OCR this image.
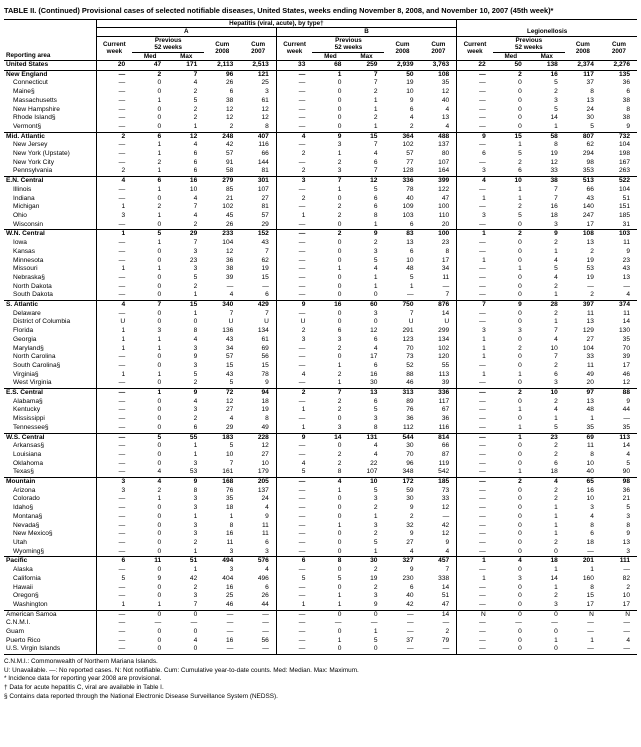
TABLE II. (Continued) Provisional cases of selected notifiable diseases, United States, weeks ending November 8, 2008, and November 10, 2007 (45th week)*
Reporting area	Hepatitis (viral, acute), by type†														
	A					B					Legionellosis				
	Current
week	Previous
52 weeks		Cum
2008	Cum
2007	Current
week	Previous
52 weeks		Cum
2008	Cum
2007	Current
week	Previous
52 weeks		Cum
2008	Cum
2007
		Med	Max				Med	Max				Med	Max		
United States	20	47	171	2,113	2,513	33	68	259	2,939	3,763	22	50	138	2,374	2,276
New England	—	2	7	96	121	—	1	7	50	108	—	2	16	117	135
Connecticut	—	0	4	26	25	—	0	7	19	35	—	0	5	37	36
Maine§	—	0	2	6	3	—	0	2	10	12	—	0	2	8	6
Massachusetts	—	1	5	38	61	—	0	1	9	40	—	0	3	13	38
New Hampshire	—	0	2	12	12	—	0	1	6	4	—	0	5	24	8
Rhode Island§	—	0	2	12	12	—	0	2	4	13	—	0	14	30	38
Vermont§	—	0	1	2	8	—	0	1	2	4	—	0	1	5	9
Mid. Atlantic	2	6	12	248	407	4	9	15	364	488	9	15	58	807	732
New Jersey	—	1	4	42	116	—	3	7	102	137	—	1	8	62	104
New York (Upstate)	—	1	6	57	66	2	1	4	57	80	6	5	19	294	198
New York City	—	2	6	91	144	—	2	6	77	107	—	2	12	98	167
Pennsylvania	2	1	6	58	81	2	3	7	128	164	3	6	33	353	263
E.N. Central	4	6	16	279	301	3	7	12	336	399	4	10	38	513	522
Illinois	—	1	10	85	107	—	1	5	78	122	—	1	7	66	104
Indiana	—	0	4	21	27	2	0	6	40	47	1	1	7	43	51
Michigan	1	2	7	102	81	—	2	6	109	100	—	2	16	140	151
Ohio	3	1	4	45	57	1	2	8	103	110	3	5	18	247	185
Wisconsin	—	0	2	26	29	—	0	1	6	20	—	0	3	17	31
W.N. Central	1	5	29	233	152	—	2	9	83	100	1	2	9	108	103
Iowa	—	1	7	104	43	—	0	2	13	23	—	0	2	13	11
Kansas	—	0	3	12	7	—	0	3	6	8	—	0	1	2	9
Minnesota	—	0	23	36	62	—	0	5	10	17	1	0	4	19	23
Missouri	1	1	3	38	19	—	1	4	48	34	—	1	5	53	43
Nebraska§	—	0	5	39	15	—	0	1	5	11	—	0	4	19	13
North Dakota	—	0	2	—	—	—	0	1	1	—	—	0	2	—	—
South Dakota	—	0	1	4	6	—	0	0	—	7	—	0	1	2	4
S. Atlantic	4	7	15	340	429	9	16	60	750	876	7	9	28	397	374
Delaware	—	0	1	7	7	—	0	3	7	14	—	0	2	11	11
District of Columbia	U	0	0	U	U	U	0	0	U	U	—	0	1	13	14
Florida	1	3	8	136	134	2	6	12	291	299	3	3	7	129	130
Georgia	1	1	4	43	61	3	3	6	123	134	1	0	4	27	35
Maryland§	1	1	3	34	69	—	2	4	70	102	1	2	10	104	70
North Carolina	—	0	9	57	56	—	0	17	73	120	1	0	7	33	39
South Carolina§	—	0	3	15	15	—	1	6	52	55	—	0	2	11	17
Virginia§	1	1	5	43	78	4	2	16	88	113	1	1	6	49	46
West Virginia	—	0	2	5	9	—	1	30	46	39	—	0	3	20	12
E.S. Central	—	1	9	72	94	2	7	13	313	336	—	2	10	97	88
Alabama§	—	0	4	12	18	—	2	6	89	117	—	0	2	13	9
Kentucky	—	0	3	27	19	1	2	5	76	67	—	1	4	48	44
Mississippi	—	0	2	4	8	—	0	3	36	36	—	0	1	1	—
Tennessee§	—	0	6	29	49	1	3	8	112	116	—	1	5	35	35
W.S. Central	—	5	55	183	228	9	14	131	544	814	—	1	23	69	113
Arkansas§	—	0	1	5	12	—	0	4	30	66	—	0	2	11	14
Louisiana	—	0	1	10	27	—	2	4	70	87	—	0	2	8	4
Oklahoma	—	0	3	7	10	4	2	22	96	119	—	0	6	10	5
Texas§	—	4	53	161	179	5	8	107	348	542	—	1	18	40	90
Mountain	3	4	9	168	205	—	4	10	172	185	—	2	4	65	98
Arizona	3	2	8	76	137	—	1	5	59	73	—	0	2	16	36
Colorado	—	1	3	35	24	—	0	3	30	33	—	0	2	10	21
Idaho§	—	0	3	18	4	—	0	2	9	12	—	0	1	3	5
Montana§	—	0	1	1	9	—	0	1	2	—	—	0	1	4	3
Nevada§	—	0	3	8	11	—	1	3	32	42	—	0	1	8	8
New Mexico§	—	0	3	16	11	—	0	2	9	12	—	0	1	6	9
Utah	—	0	2	11	6	—	0	5	27	9	—	0	2	18	13
Wyoming§	—	0	1	3	3	—	0	1	4	4	—	0	0	—	3
Pacific	6	11	51	494	576	6	8	30	327	457	1	4	18	201	111
Alaska	—	0	1	3	4	—	0	2	9	7	—	0	1	1	—
California	5	9	42	404	496	5	5	19	230	338	1	3	14	160	82
Hawaii	—	0	2	16	6	—	0	2	6	14	—	0	1	8	2
Oregon§	—	0	3	25	26	—	1	3	40	51	—	0	2	15	10
Washington	1	1	7	46	44	1	1	9	42	47	—	0	3	17	17
American Samoa	—	0	0	—	—	—	0	0	—	14	N	0	0	N	N
C.N.M.I.	—	—	—	—	—	—	—	—	—	—	—	—	—	—	—
Guam	—	0	0	—	—	—	0	1	—	2	—	0	0	—	—
Puerto Rico	—	0	4	16	56	—	1	5	37	79	—	0	1	1	4
U.S. Virgin Islands	—	0	0	—	—	—	0	0	—	—	—	0	0	—	—
C.N.M.I.: Commonwealth of Northern Mariana Islands.
U: Unavailable. —: No reported cases. N: Not notifiable. Cum: Cumulative year-to-date counts. Med: Median. Max: Maximum.
* Incidence data for reporting year 2008 are provisional.
† Data for acute hepatitis C, viral are available in Table I.
§ Contains data reported through the National Electronic Disease Surveillance System (NEDSS).
